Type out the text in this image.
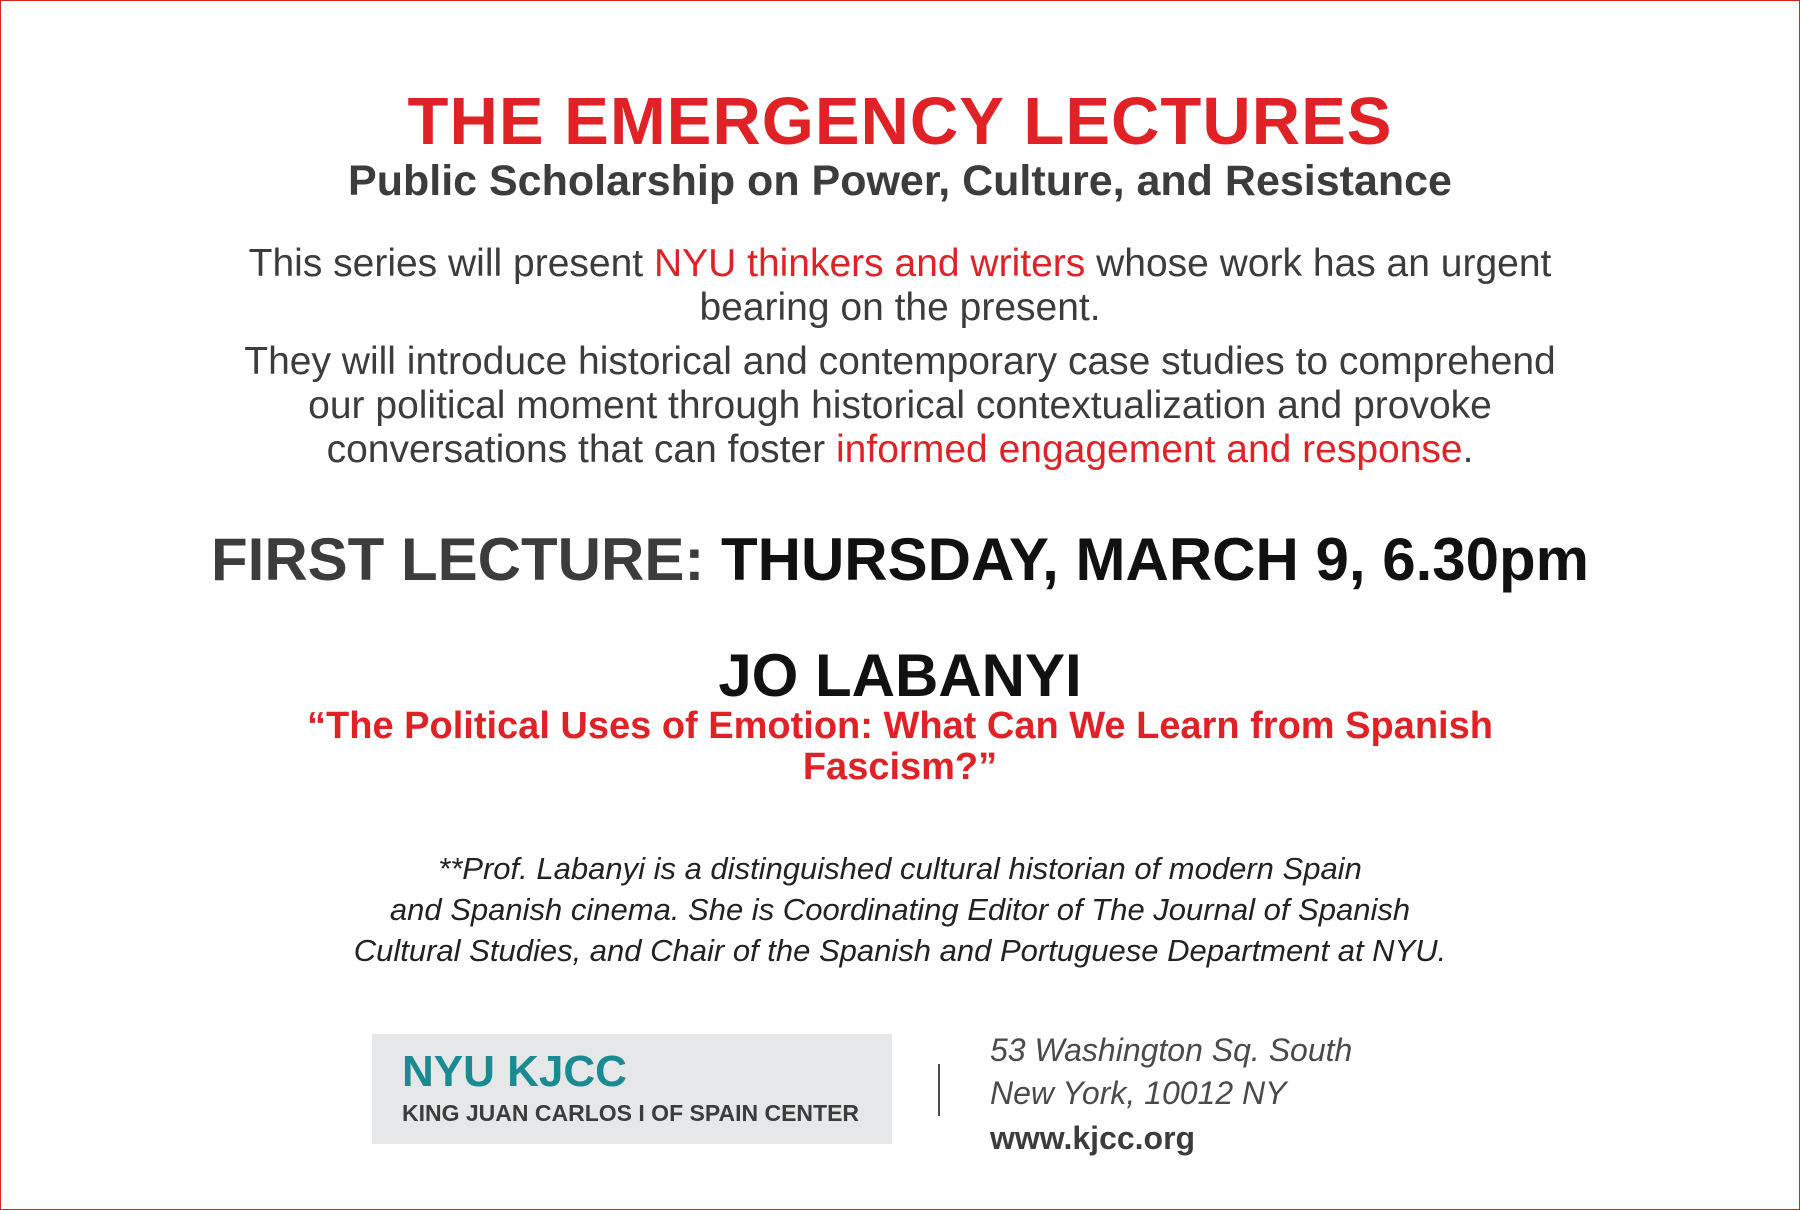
THE EMERGENCY LECTURES
Public Scholarship on Power, Culture, and Resistance
This series will present NYU thinkers and writers whose work has an urgent
bearing on the present.
They will introduce historical and contemporary case studies to comprehend
our political moment through historical contextualization and provoke
conversations that can foster informed engagement and response.
FIRST LECTURE: THURSDAY, MARCH 9, 6.30pm
JO LABANYI
“The Political Uses of Emotion: What Can We Learn from Spanish
Fascism?”
**Prof. Labanyi is a distinguished cultural historian of modern Spain
and Spanish cinema. She is Coordinating Editor of The Journal of Spanish
Cultural Studies, and Chair of the Spanish and Portuguese Department at NYU.
NYU KJCC
KING JUAN CARLOS I OF SPAIN CENTER
53 Washington Sq. South
New York, 10012 NY
www.kjcc.org
